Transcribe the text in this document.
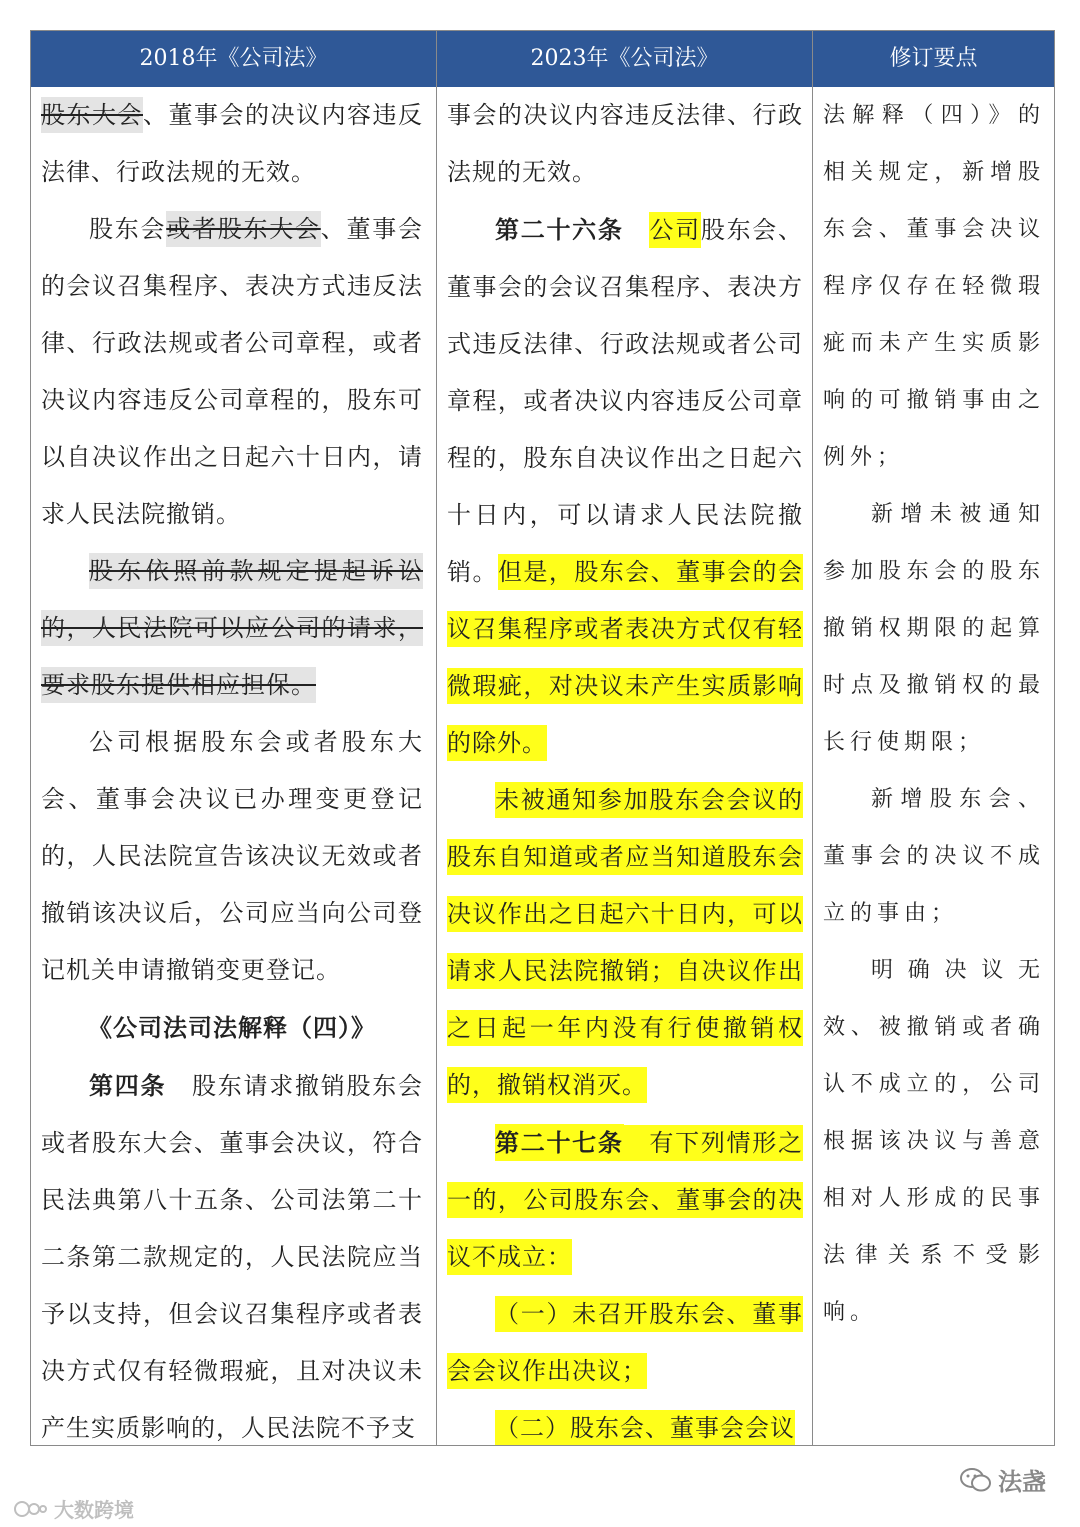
2018年《公司法》	2023年《公司法》	修订要点

股东大会、董事会的决议内容违反法律、行政法规的无效。

股东会或者股东大会、董事会的会议召集程序、表决方式违反法律、行政法规或者公司章程，或者决议内容违反公司章程的，股东可以自决议作出之日起六十日内，请求人民法院撤销。

股东依照前款规定提起诉讼的，人民法院可以应公司的请求，要求股东提供相应担保。

公司根据股东会或者股东大会、董事会决议已办理变更登记的，人民法院宣告该决议无效或者撤销该决议后，公司应当向公司登记机关申请撤销变更登记。

《公司法司法解释（四）》

第四条　股东请求撤销股东会或者股东大会、董事会决议，符合民法典第八十五条、公司法第二十二条第二款规定的，人民法院应当予以支持，但会议召集程序或者表决方式仅有轻微瑕疵，且对决议未产生实质影响的，人民法院不予支

事会的决议内容违反法律、行政法规的无效。

第二十六条　 公司股东会、董事会的会议召集程序、表决方式违反法律、行政法规或者公司章程，或者决议内容违反公司章程的，股东自决议作出之日起六十日内，可以请求人民法院撤销。但是，股东会、董事会的会议召集程序或者表决方式仅有轻微瑕疵，对决议未产生实质影响的除外。

未被通知参加股东会会议的股东自知道或者应当知道股东会决议作出之日起六十日内，可以请求人民法院撤销；自决议作出之日起一年内没有行使撤销权的，撤销权消灭。

第二十七条　有下列情形之一的，公司股东会、董事会的决议不成立：

（一）未召开股东会、董事会会议作出决议；

（二）股东会、董事会会议

法解释（四）》的相关规定，新增股东会、董事会决议程序仅存在轻微瑕疵而未产生实质影响的可撤销事由之例外；

新增未被通知参加股东会的股东撤销权期限的起算时点及撤销权的最长行使期限；

新增股东会、董事会的决议不成立的事由；

明确决议无效、被撤销或者确认不成立的，公司根据该决议与善意相对人形成的民事法律关系不受影响。

法盏
大数跨境
